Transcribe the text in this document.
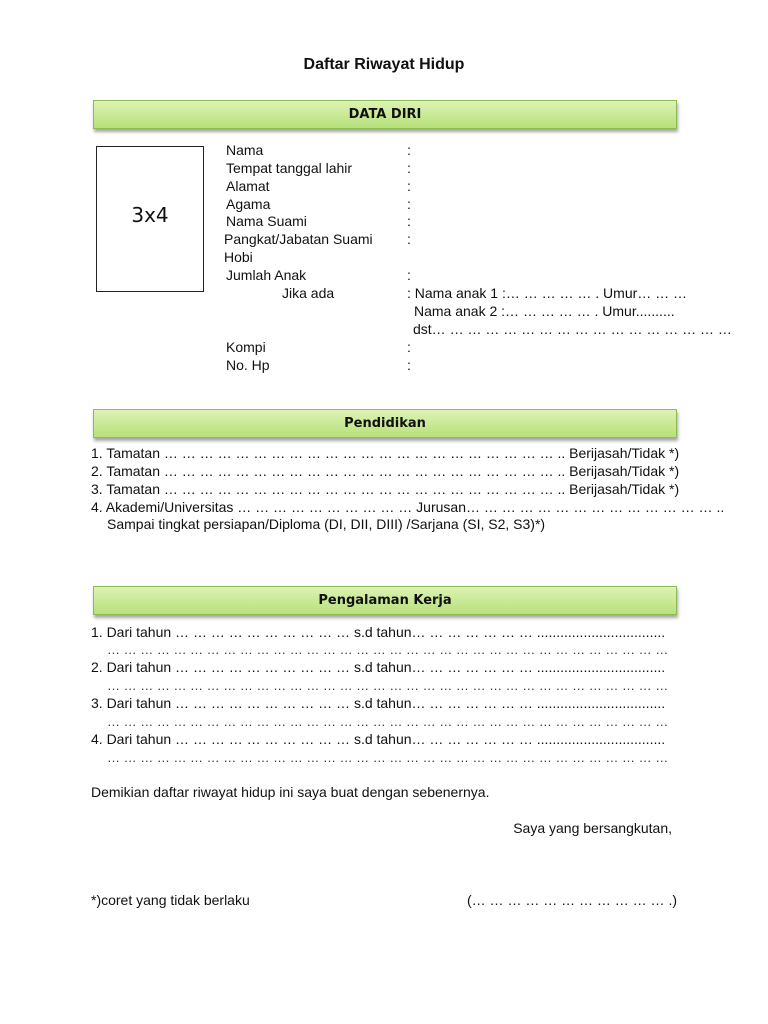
Daftar Riwayat Hidup
DATA DIRI
3x4
Nama	:
Tempat tanggal lahir	:
Alamat	:
Agama	:
Nama Suami	:
Pangkat/Jabatan Suami :
Hobi
Jumlah Anak	:
Jika ada	: Nama anak 1 :… … … … … . Umur… … …
Nama anak 2 :… … … … … . Umur..........
dst… … … … … … … … … … … … … … … … …
Kompi	:
No. Hp	:
Pendidikan
1. Tamatan … … … … … … … … … … … … … … … … … … … … … … .. Berijasah/Tidak *)
2. Tamatan … … … … … … … … … … … … … … … … … … … … … … .. Berijasah/Tidak *)
3. Tamatan … … … … … … … … … … … … … … … … … … … … … … .. Berijasah/Tidak *)
4. Akademi/Universitas … … … … … … … … … … Jurusan… … … … … … … … … … … … … … ..
Sampai tingkat persiapan/Diploma (DI, DII, DIII) /Sarjana (SI, S2, S3)*)
Pengalaman Kerja
1. Dari tahun … … … … … … … … … … s.d tahun… … … … … … … .................................
… … … … … … … … … … … … … … … … … … … … … … … … … … … … … … … … … …
2. Dari tahun … … … … … … … … … … s.d tahun… … … … … … … .................................
… … … … … … … … … … … … … … … … … … … … … … … … … … … … … … … … … …
3. Dari tahun … … … … … … … … … … s.d tahun… … … … … … … .................................
… … … … … … … … … … … … … … … … … … … … … … … … … … … … … … … … … …
4. Dari tahun … … … … … … … … … … s.d tahun… … … … … … … .................................
… … … … … … … … … … … … … … … … … … … … … … … … … … … … … … … … … …
Demikian daftar riwayat hidup ini saya buat dengan sebenernya.
Saya yang bersangkutan,
*)coret yang tidak berlaku	(… … … … … … … … … … … .)
